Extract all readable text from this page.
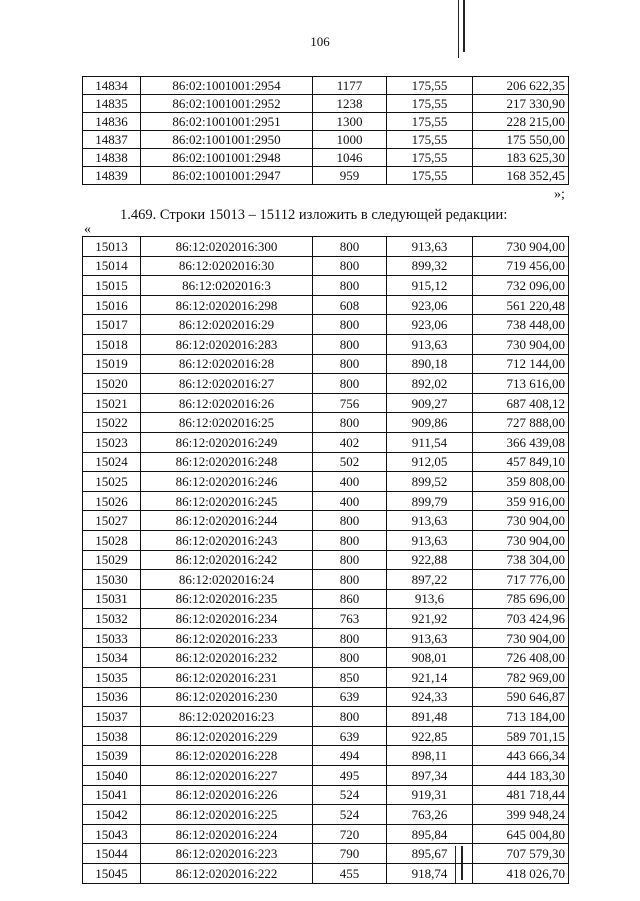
106
14834	86:02:1001001:2954	1177	175,55	206 622,35
14835	86:02:1001001:2952	1238	175,55	217 330,90
14836	86:02:1001001:2951	1300	175,55	228 215,00
14837	86:02:1001001:2950	1000	175,55	175 550,00
14838	86:02:1001001:2948	1046	175,55	183 625,30
14839	86:02:1001001:2947	959	175,55	168 352,45
»;
1.469. Строки 15013 – 15112 изложить в следующей редакции:
«
15013	86:12:0202016:300	800	913,63	730 904,00
15014	86:12:0202016:30	800	899,32	719 456,00
15015	86:12:0202016:3	800	915,12	732 096,00
15016	86:12:0202016:298	608	923,06	561 220,48
15017	86:12:0202016:29	800	923,06	738 448,00
15018	86:12:0202016:283	800	913,63	730 904,00
15019	86:12:0202016:28	800	890,18	712 144,00
15020	86:12:0202016:27	800	892,02	713 616,00
15021	86:12:0202016:26	756	909,27	687 408,12
15022	86:12:0202016:25	800	909,86	727 888,00
15023	86:12:0202016:249	402	911,54	366 439,08
15024	86:12:0202016:248	502	912,05	457 849,10
15025	86:12:0202016:246	400	899,52	359 808,00
15026	86:12:0202016:245	400	899,79	359 916,00
15027	86:12:0202016:244	800	913,63	730 904,00
15028	86:12:0202016:243	800	913,63	730 904,00
15029	86:12:0202016:242	800	922,88	738 304,00
15030	86:12:0202016:24	800	897,22	717 776,00
15031	86:12:0202016:235	860	913,6	785 696,00
15032	86:12:0202016:234	763	921,92	703 424,96
15033	86:12:0202016:233	800	913,63	730 904,00
15034	86:12:0202016:232	800	908,01	726 408,00
15035	86:12:0202016:231	850	921,14	782 969,00
15036	86:12:0202016:230	639	924,33	590 646,87
15037	86:12:0202016:23	800	891,48	713 184,00
15038	86:12:0202016:229	639	922,85	589 701,15
15039	86:12:0202016:228	494	898,11	443 666,34
15040	86:12:0202016:227	495	897,34	444 183,30
15041	86:12:0202016:226	524	919,31	481 718,44
15042	86:12:0202016:225	524	763,26	399 948,24
15043	86:12:0202016:224	720	895,84	645 004,80
15044	86:12:0202016:223	790	895,67	707 579,30
15045	86:12:0202016:222	455	918,74	418 026,70
